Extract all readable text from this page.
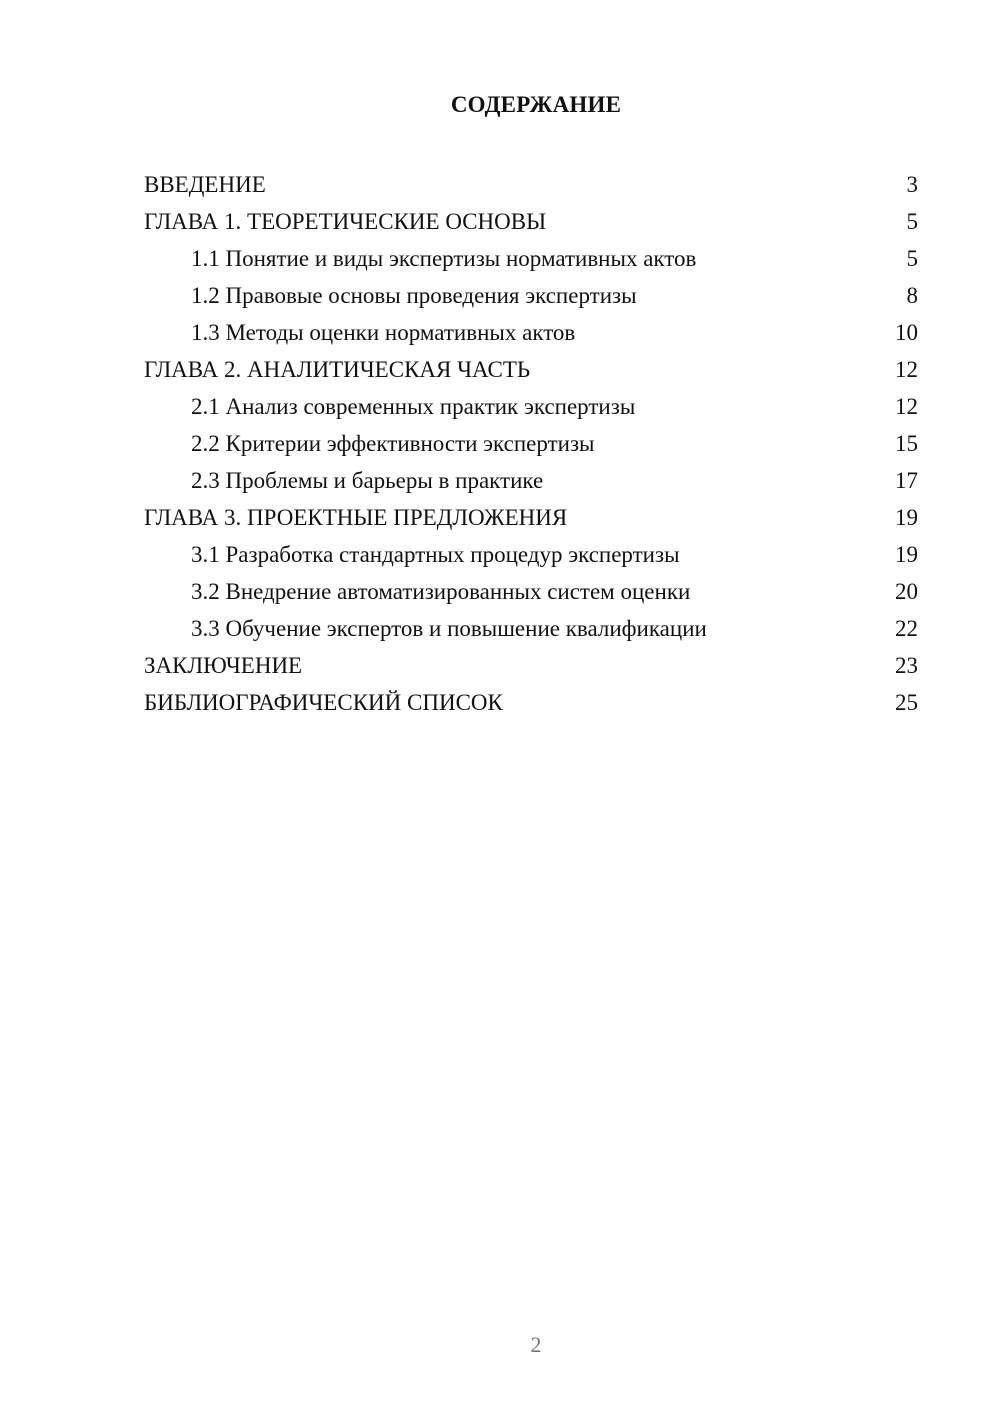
СОДЕРЖАНИЕ
ВВЕДЕНИЕ	3
ГЛАВА 1. ТЕОРЕТИЧЕСКИЕ ОСНОВЫ	5
1.1 Понятие и виды экспертизы нормативных актов	5
1.2 Правовые основы проведения экспертизы	8
1.3 Методы оценки нормативных актов	10
ГЛАВА 2. АНАЛИТИЧЕСКАЯ ЧАСТЬ	12
2.1 Анализ современных практик экспертизы	12
2.2 Критерии эффективности экспертизы	15
2.3 Проблемы и барьеры в практике	17
ГЛАВА 3. ПРОЕКТНЫЕ ПРЕДЛОЖЕНИЯ	19
3.1 Разработка стандартных процедур экспертизы	19
3.2 Внедрение автоматизированных систем оценки	20
3.3 Обучение экспертов и повышение квалификации	22
ЗАКЛЮЧЕНИЕ	23
БИБЛИОГРАФИЧЕСКИЙ СПИСОК	25
2
